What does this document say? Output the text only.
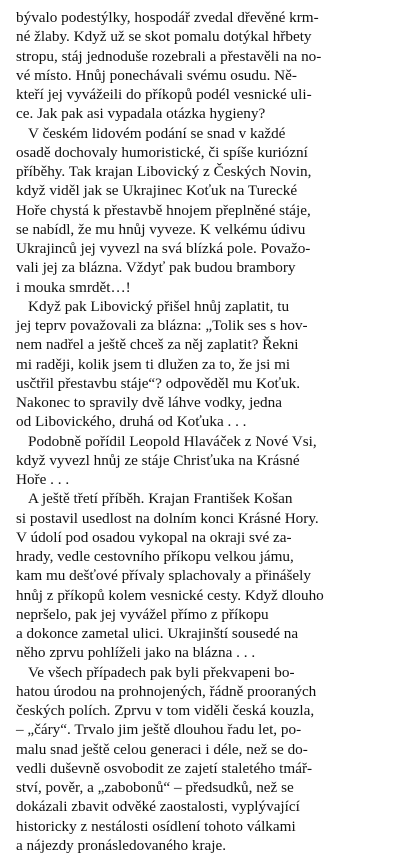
bývalo podestýlky, hospodář zvedal dřevěné krm-
né žlaby. Když už se skot pomalu dotýkal hřbety
stropu, stáj jednoduše rozebrali a přestavěli na no-
vé místo. Hnůj ponechávali svému osudu. Ně-
kteří jej vyvážeili do příkopů podél vesnické uli-
ce. Jak pak asi vypadala otázka hygieny?
V českém lidovém podání se snad v každé
osadě dochovaly humoristické, či spíše kuriózní
příběhy. Tak krajan Libovický z Českých Novin,
když viděl jak se Ukrajinec Koťuk na Turecké
Hoře chystá k přestavbě hnojem přeplněné stáje,
se nabídl, že mu hnůj vyveze. K velkému údivu
Ukrajinců jej vyvezl na svá blízká pole. Považo-
vali jej za blázna. Vždyť pak budou brambory
i mouka smrdět…!
Když pak Libovický přišel hnůj zaplatit, tu
jej teprv považovali za blázna: „Tolik ses s hov-
nem nadřel a ještě chceš za něj zaplatit? Řekni
mi raději, kolik jsem ti dlužen za to, že jsi mi
usčtřil přestavbu stáje“? odpověděl mu Koťuk.
Nakonec to spravily dvě láhve vodky, jedna
od Libovického, druhá od Koťuka . . .
Podobně pořídil Leopold Hlaváček z Nové Vsi,
když vyvezl hnůj ze stáje Chrisťuka na Krásné
Hoře . . .
A ještě třetí příběh. Krajan František Košan
si postavil usedlost na dolním konci Krásné Hory.
V údolí pod osadou vykopal na okraji své za-
hrady, vedle cestovního příkopu velkou jámu,
kam mu dešťové přívaly splachovaly a přinášely
hnůj z příkopů kolem vesnické cesty. Když dlouho
nepršelo, pak jej vyvážel přímo z příkopu
a dokonce zametal ulici. Ukrajinští sousedé na
něho zprvu pohlíželi jako na blázna . . .
Ve všech případech pak byli překvapeni bo-
hatou úrodou na prohnojených, řádně proorаných
českých polích. Zprvu v tom viděli česká kouzla,
– „čáry“. Trvalo jim ještě dlouhou řadu let, po-
malu snad ještě celou generaci i déle, než se do-
vedli duševně osvobodit ze zajetí staletého tmář-
ství, pověr, a „zabobonů“ – předsudků, než se
dokázali zbavit odvěké zaostalosti, vyplývající
historicky z nestálosti osídlení tohoto válkami
a nájezdy pronásledovaného kraje.
